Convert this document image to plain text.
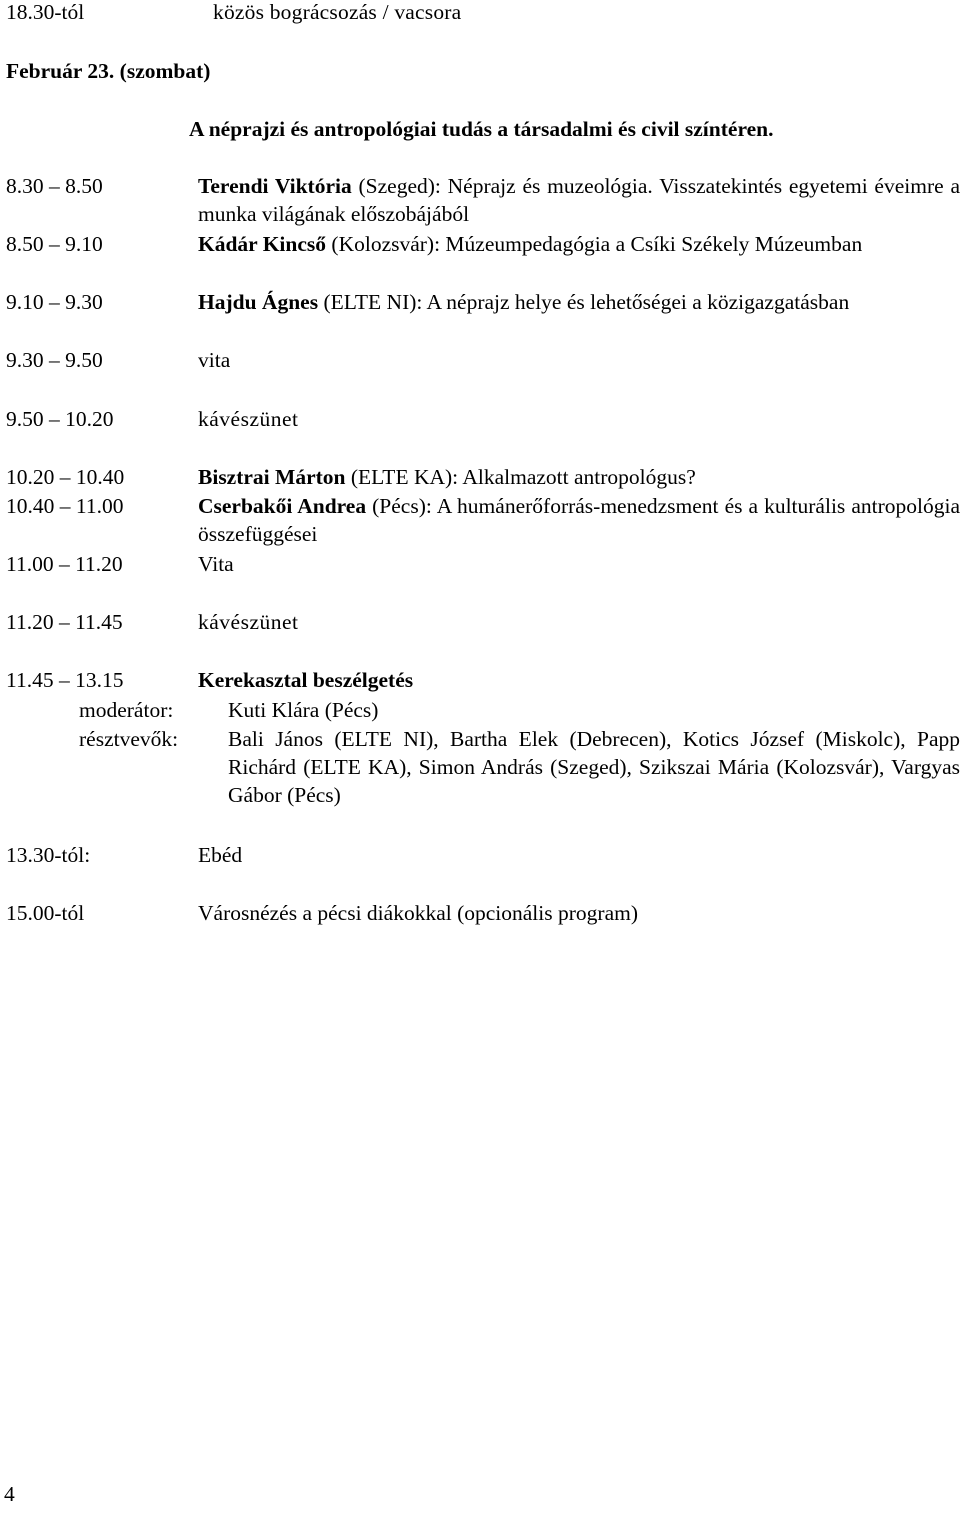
18.30-tól	közös bográcsozás / vacsora
Február 23. (szombat)
A néprajzi és antropológiai tudás a társadalmi és civil színtéren.
8.30 – 8.50	Terendi Viktória (Szeged): Néprajz és muzeológia. Visszatekintés egyetemi éveimre a munka világának előszobájából
8.50 – 9.10	Kádár Kincső (Kolozsvár): Múzeumpedagógia a Csíki Székely Múzeumban
9.10 – 9.30	Hajdu Ágnes (ELTE NI): A néprajz helye és lehetőségei a közigazgatásban
9.30 – 9.50	vita
9.50 – 10.20	kávészünet
10.20 – 10.40	Bisztrai Márton (ELTE KA): Alkalmazott antropológus?
10.40 – 11.00	Cserbakői Andrea (Pécs): A humánerőforrás-menedzsment és a kulturális antropológia összefüggései
11.00 – 11.20	Vita
11.20 – 11.45	kávészünet
11.45 – 13.15	Kerekasztal beszélgetés
moderátor:	Kuti Klára (Pécs)
résztvevők: Bali János (ELTE NI), Bartha Elek (Debrecen), Kotics József (Miskolc), Papp Richárd (ELTE KA), Simon András (Szeged), Szikszai Mária (Kolozsvár), Vargyas Gábor (Pécs)
13.30-tól:	Ebéd
15.00-tól	Városnézés a pécsi diákokkal (opcionális program)
4
